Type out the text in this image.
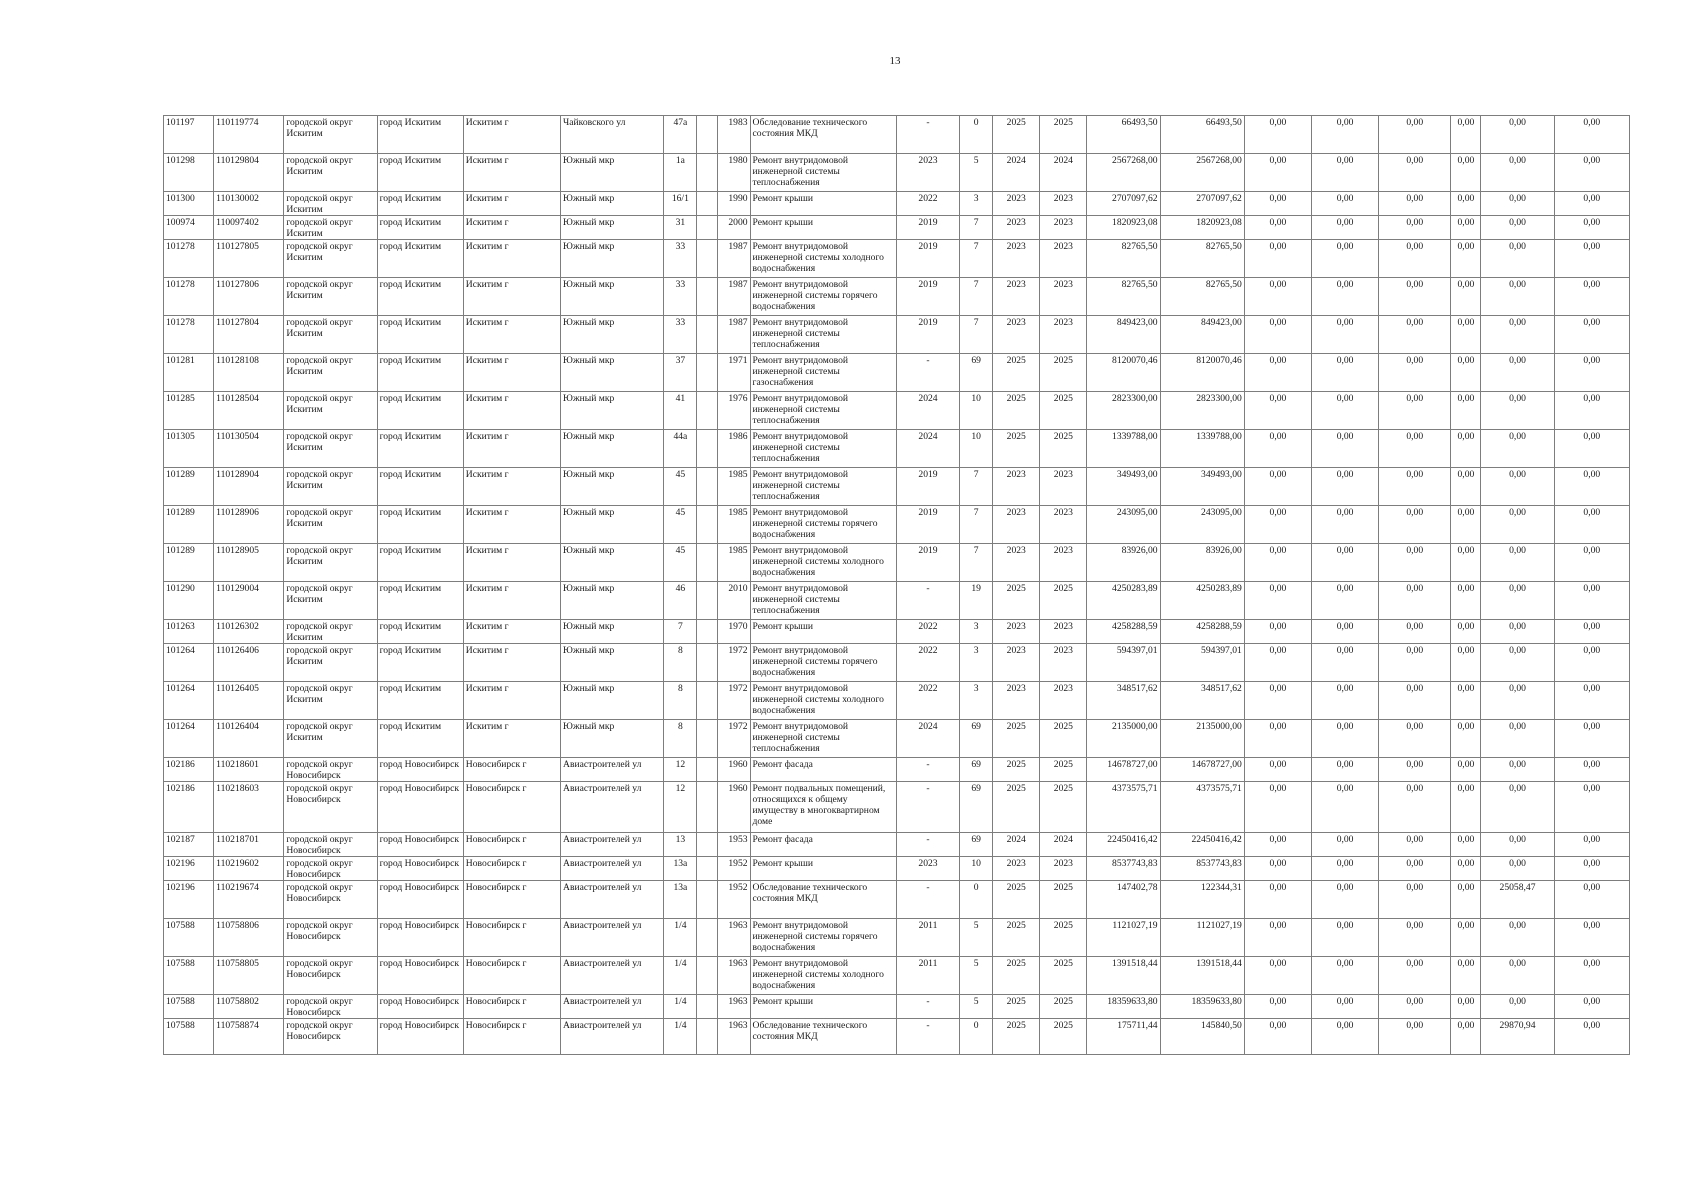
13
101197	110119774	городской округ Искитим	город Искитим	Искитим г	Чайковского ул	47а		1983	Обследование технического состояния МКД	-	0	2025	2025	66493,50	66493,50	0,00	0,00	0,00	0,00	0,00	0,00
101298	110129804	городской округ Искитим	город Искитим	Искитим г	Южный мкр	1а		1980	Ремонт внутридомовой инженерной системы теплоснабжения	2023	5	2024	2024	2567268,00	2567268,00	0,00	0,00	0,00	0,00	0,00	0,00
101300	110130002	городской округ Искитим	город Искитим	Искитим г	Южный мкр	16/1		1990	Ремонт крыши	2022	3	2023	2023	2707097,62	2707097,62	0,00	0,00	0,00	0,00	0,00	0,00
100974	110097402	городской округ Искитим	город Искитим	Искитим г	Южный мкр	31		2000	Ремонт крыши	2019	7	2023	2023	1820923,08	1820923,08	0,00	0,00	0,00	0,00	0,00	0,00
101278	110127805	городской округ Искитим	город Искитим	Искитим г	Южный мкр	33		1987	Ремонт внутридомовой инженерной системы холодного водоснабжения	2019	7	2023	2023	82765,50	82765,50	0,00	0,00	0,00	0,00	0,00	0,00
101278	110127806	городской округ Искитим	город Искитим	Искитим г	Южный мкр	33		1987	Ремонт внутридомовой инженерной системы горячего водоснабжения	2019	7	2023	2023	82765,50	82765,50	0,00	0,00	0,00	0,00	0,00	0,00
101278	110127804	городской округ Искитим	город Искитим	Искитим г	Южный мкр	33		1987	Ремонт внутридомовой инженерной системы теплоснабжения	2019	7	2023	2023	849423,00	849423,00	0,00	0,00	0,00	0,00	0,00	0,00
101281	110128108	городской округ Искитим	город Искитим	Искитим г	Южный мкр	37		1971	Ремонт внутридомовой инженерной системы газоснабжения	-	69	2025	2025	8120070,46	8120070,46	0,00	0,00	0,00	0,00	0,00	0,00
101285	110128504	городской округ Искитим	город Искитим	Искитим г	Южный мкр	41		1976	Ремонт внутридомовой инженерной системы теплоснабжения	2024	10	2025	2025	2823300,00	2823300,00	0,00	0,00	0,00	0,00	0,00	0,00
101305	110130504	городской округ Искитим	город Искитим	Искитим г	Южный мкр	44а		1986	Ремонт внутридомовой инженерной системы теплоснабжения	2024	10	2025	2025	1339788,00	1339788,00	0,00	0,00	0,00	0,00	0,00	0,00
101289	110128904	городской округ Искитим	город Искитим	Искитим г	Южный мкр	45		1985	Ремонт внутридомовой инженерной системы теплоснабжения	2019	7	2023	2023	349493,00	349493,00	0,00	0,00	0,00	0,00	0,00	0,00
101289	110128906	городской округ Искитим	город Искитим	Искитим г	Южный мкр	45		1985	Ремонт внутридомовой инженерной системы горячего водоснабжения	2019	7	2023	2023	243095,00	243095,00	0,00	0,00	0,00	0,00	0,00	0,00
101289	110128905	городской округ Искитим	город Искитим	Искитим г	Южный мкр	45		1985	Ремонт внутридомовой инженерной системы холодного водоснабжения	2019	7	2023	2023	83926,00	83926,00	0,00	0,00	0,00	0,00	0,00	0,00
101290	110129004	городской округ Искитим	город Искитим	Искитим г	Южный мкр	46		2010	Ремонт внутридомовой инженерной системы теплоснабжения	-	19	2025	2025	4250283,89	4250283,89	0,00	0,00	0,00	0,00	0,00	0,00
101263	110126302	городской округ Искитим	город Искитим	Искитим г	Южный мкр	7		1970	Ремонт крыши	2022	3	2023	2023	4258288,59	4258288,59	0,00	0,00	0,00	0,00	0,00	0,00
101264	110126406	городской округ Искитим	город Искитим	Искитим г	Южный мкр	8		1972	Ремонт внутридомовой инженерной системы горячего водоснабжения	2022	3	2023	2023	594397,01	594397,01	0,00	0,00	0,00	0,00	0,00	0,00
101264	110126405	городской округ Искитим	город Искитим	Искитим г	Южный мкр	8		1972	Ремонт внутридомовой инженерной системы холодного водоснабжения	2022	3	2023	2023	348517,62	348517,62	0,00	0,00	0,00	0,00	0,00	0,00
101264	110126404	городской округ Искитим	город Искитим	Искитим г	Южный мкр	8		1972	Ремонт внутридомовой инженерной системы теплоснабжения	2024	69	2025	2025	2135000,00	2135000,00	0,00	0,00	0,00	0,00	0,00	0,00
102186	110218601	городской округ Новосибирск	город Новосибирск	Новосибирск г	Авиастроителей ул	12		1960	Ремонт фасада	-	69	2025	2025	14678727,00	14678727,00	0,00	0,00	0,00	0,00	0,00	0,00
102186	110218603	городской округ Новосибирск	город Новосибирск	Новосибирск г	Авиастроителей ул	12		1960	Ремонт подвальных помещений, относящихся к общему имуществу в многоквартирном доме	-	69	2025	2025	4373575,71	4373575,71	0,00	0,00	0,00	0,00	0,00	0,00
102187	110218701	городской округ Новосибирск	город Новосибирск	Новосибирск г	Авиастроителей ул	13		1953	Ремонт фасада	-	69	2024	2024	22450416,42	22450416,42	0,00	0,00	0,00	0,00	0,00	0,00
102196	110219602	городской округ Новосибирск	город Новосибирск	Новосибирск г	Авиастроителей ул	13а		1952	Ремонт крыши	2023	10	2023	2023	8537743,83	8537743,83	0,00	0,00	0,00	0,00	0,00	0,00
102196	110219674	городской округ Новосибирск	город Новосибирск	Новосибирск г	Авиастроителей ул	13а		1952	Обследование технического состояния МКД	-	0	2025	2025	147402,78	122344,31	0,00	0,00	0,00	0,00	25058,47	0,00
107588	110758806	городской округ Новосибирск	город Новосибирск	Новосибирск г	Авиастроителей ул	1/4		1963	Ремонт внутридомовой инженерной системы горячего водоснабжения	2011	5	2025	2025	1121027,19	1121027,19	0,00	0,00	0,00	0,00	0,00	0,00
107588	110758805	городской округ Новосибирск	город Новосибирск	Новосибирск г	Авиастроителей ул	1/4		1963	Ремонт внутридомовой инженерной системы холодного водоснабжения	2011	5	2025	2025	1391518,44	1391518,44	0,00	0,00	0,00	0,00	0,00	0,00
107588	110758802	городской округ Новосибирск	город Новосибирск	Новосибирск г	Авиастроителей ул	1/4		1963	Ремонт крыши	-	5	2025	2025	18359633,80	18359633,80	0,00	0,00	0,00	0,00	0,00	0,00
107588	110758874	городской округ Новосибирск	город Новосибирск	Новосибирск г	Авиастроителей ул	1/4		1963	Обследование технического состояния МКД	-	0	2025	2025	175711,44	145840,50	0,00	0,00	0,00	0,00	29870,94	0,00
